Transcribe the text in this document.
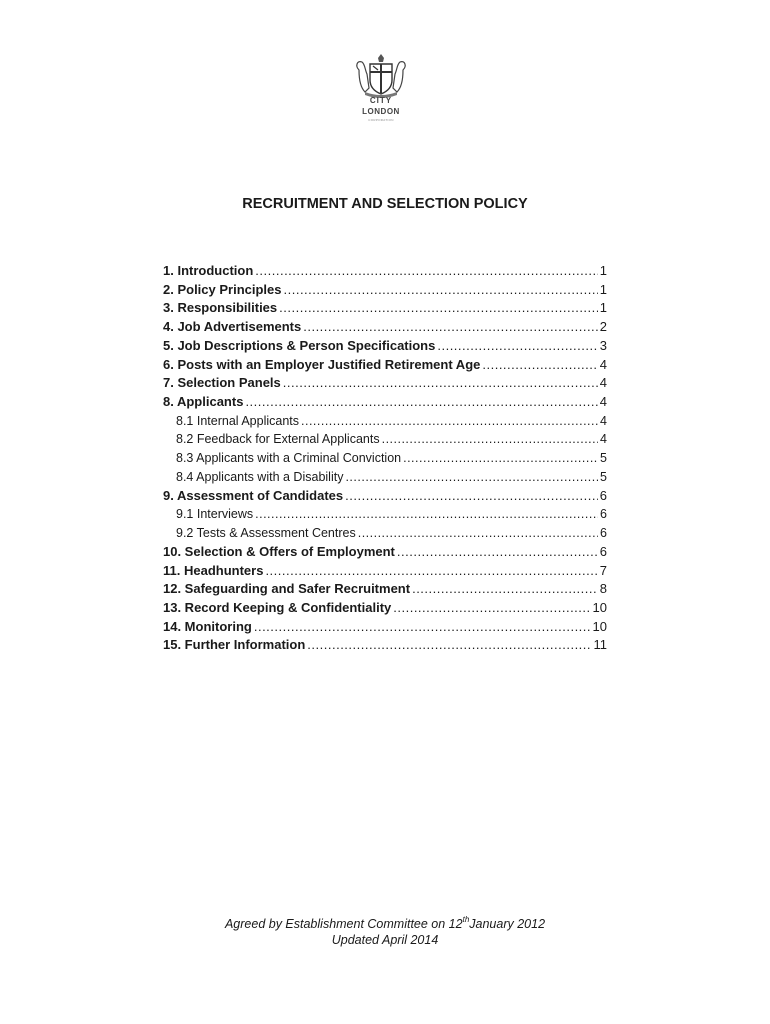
CITY
LONDON
CORPORATION
RECRUITMENT AND SELECTION POLICY
1. Introduction .....	1
2. Policy Principles .....	1
3. Responsibilities .....	1
4. Job Advertisements .....	2
5. Job Descriptions & Person Specifications .....	3
6. Posts with an Employer Justified Retirement Age .....	4
7. Selection Panels .....	4
8. Applicants .....	4
8.1 Internal Applicants .....	4
8.2 Feedback for External Applicants .....	4
8.3 Applicants with a Criminal Conviction .....	5
8.4 Applicants with a Disability .....	5
9. Assessment of Candidates .....	6
9.1 Interviews .....	6
9.2 Tests & Assessment Centres .....	6
10. Selection & Offers of Employment .....	6
11. Headhunters .....	7
12. Safeguarding and Safer Recruitment .....	8
13. Record Keeping & Confidentiality .....	10
14. Monitoring .....	10
15. Further Information .....	11
Agreed by Establishment Committee on 12thJanuary 2012
Updated April 2014
